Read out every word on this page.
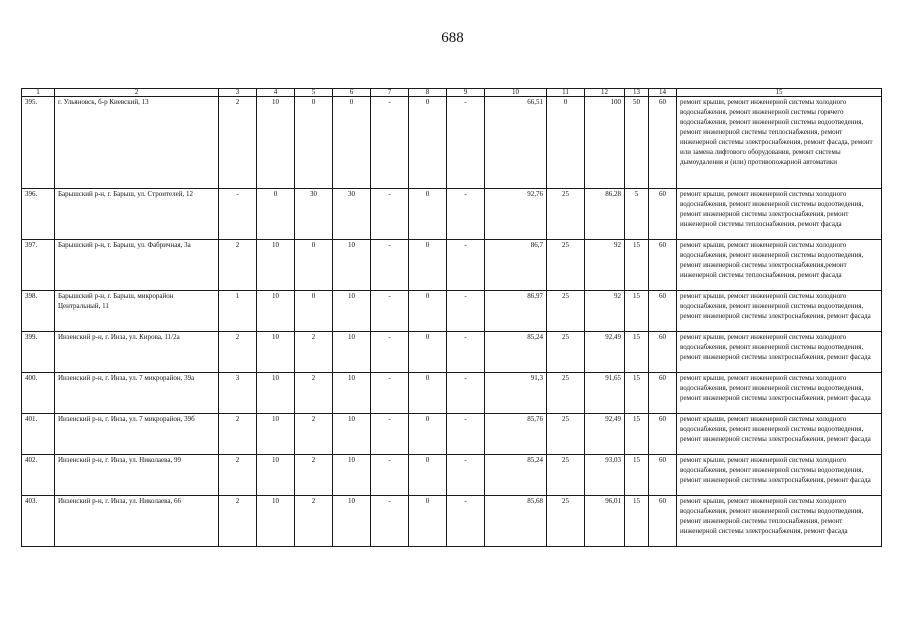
688
1	2	3	4	5	6	7	8	9	10	11	12	13	14	15
395.	г. Ульяновск, б-р Киевский, 13	2	10	0	0	-	0	-	66,51	0	100	50	60	ремонт крыши, ремонт инженерной системы холодного водоснабжения, ремонт инженерной системы горячего водоснабжения, ремонт инженерной системы водоотведения, ремонт инженерной системы теплоснабжения, ремонт инженерной системы электроснабжения, ремонт фасада, ремонт или замена лифтового оборудования, ремонт системы дымоудаления и (или) противопожарной автоматики
396.	Барышский р-н, г. Барыш, ул. Строителей, 12	-	0	30	30	-	0	-	92,76	25	86,28	5	60	ремонт крыши, ремонт инженерной системы холодного водоснабжения, ремонт инженерной системы водоотведения, ремонт инженерной системы электроснабжения, ремонт инженерной системы теплоснабжения, ремонт фасада
397.	Барышский р-н, г. Барыш, ул. Фабричная, 3а	2	10	0	10	-	0	-	86,7	25	92	15	60	ремонт крыши, ремонт инженерной системы холодного водоснабжения, ремонт инженерной системы водоотведения, ремонт инженерной системы электроснабжения,ремонт инженерной системы теплоснабжения, ремонт фасада
398.	Барышский р-н, г. Барыш, микрорайон Центральный, 11	1	10	0	10	-	0	-	86,97	25	92	15	60	ремонт крыши, ремонт инженерной системы холодного водоснабжения, ремонт инженерной системы водоотведения, ремонт инженерной системы электроснабжения, ремонт фасада
399.	Инзенский р-н, г. Инза, ул. Кирова, 11/2а	2	10	2	10	-	0	-	85,24	25	92,49	15	60	ремонт крыши, ремонт инженерной системы холодного водоснабжения, ремонт инженерной системы водоотведения, ремонт инженерной системы электроснабжения, ремонт фасада
400.	Инзенский р-н, г. Инза, ул. 7 микрорайон, 39а	3	10	2	10	-	0	-	91,3	25	91,65	15	60	ремонт крыши, ремонт инженерной системы холодного водоснабжения, ремонт инженерной системы водоотведения, ремонт инженерной системы электроснабжения, ремонт фасада
401.	Инзенский р-н, г. Инза, ул. 7 микрорайон, 39б	2	10	2	10	-	0	-	85,76	25	92,49	15	60	ремонт крыши, ремонт инженерной системы холодного водоснабжения, ремонт инженерной системы водоотведения, ремонт инженерной системы электроснабжения, ремонт фасада
402.	Инзенский р-н, г. Инза, ул. Николаева, 99	2	10	2	10	-	0	-	85,24	25	93,03	15	60	ремонт крыши, ремонт инженерной системы холодного водоснабжения, ремонт инженерной системы водоотведения, ремонт инженерной системы электроснабжения, ремонт фасада
403.	Инзенский р-н, г. Инза, ул. Николаева, 66	2	10	2	10	-	0	-	85,68	25	96,01	15	60	ремонт крыши, ремонт инженерной системы холодного водоснабжения, ремонт инженерной системы водоотведения, ремонт инженерной системы теплоснабжения, ремонт инженерной системы электроснабжения, ремонт фасада
